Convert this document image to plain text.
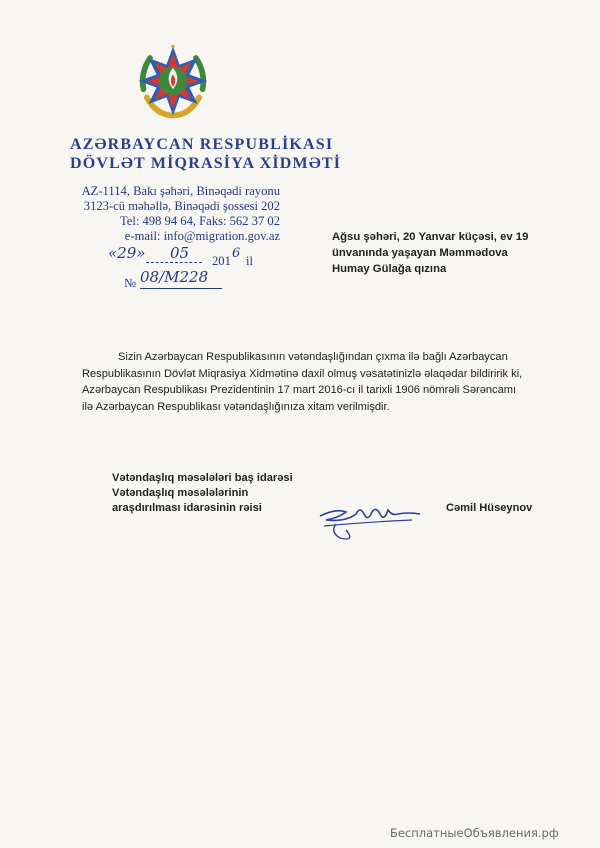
AZƏRBAYCAN RESPUBLİKASI
DÖVLƏT MİQRASİYA XİDMƏTİ
AZ-1114, Bakı şəhəri, Binəqədi rayonu
3123-cü məhəllə, Binəqədi şossesi 202
Tel: 498 94 64, Faks: 562 37 02
e-mail: info@migration.gov.az
«29» 05 201 6 il
№ 08/M228
Ağsu şəhəri, 20 Yanvar küçəsi, ev 19
ünvanında yaşayan Məmmədova
Humay Gülağa qızına
Sizin Azərbaycan Respublikasının vətəndaşlığından çıxma ilə bağlı Azərbaycan Respublikasının Dövlət Miqrasiya Xidmətinə daxil olmuş vəsatətinizlə əlaqədar bildiririk ki, Azərbaycan Respublikası Prezidentinin 17 mart 2016-cı il tarixli 1906 nömrəli Sərəncamı ilə Azərbaycan Respublikası vətəndaşlığınıza xitam verilmişdir.
Vətəndaşlıq məsələləri baş idarəsi
Vətəndaşlıq məsələlərinin
araşdırılması idarəsinin rəisi	Cəmil Hüseynov
БесплатныеОбъявления.рф
